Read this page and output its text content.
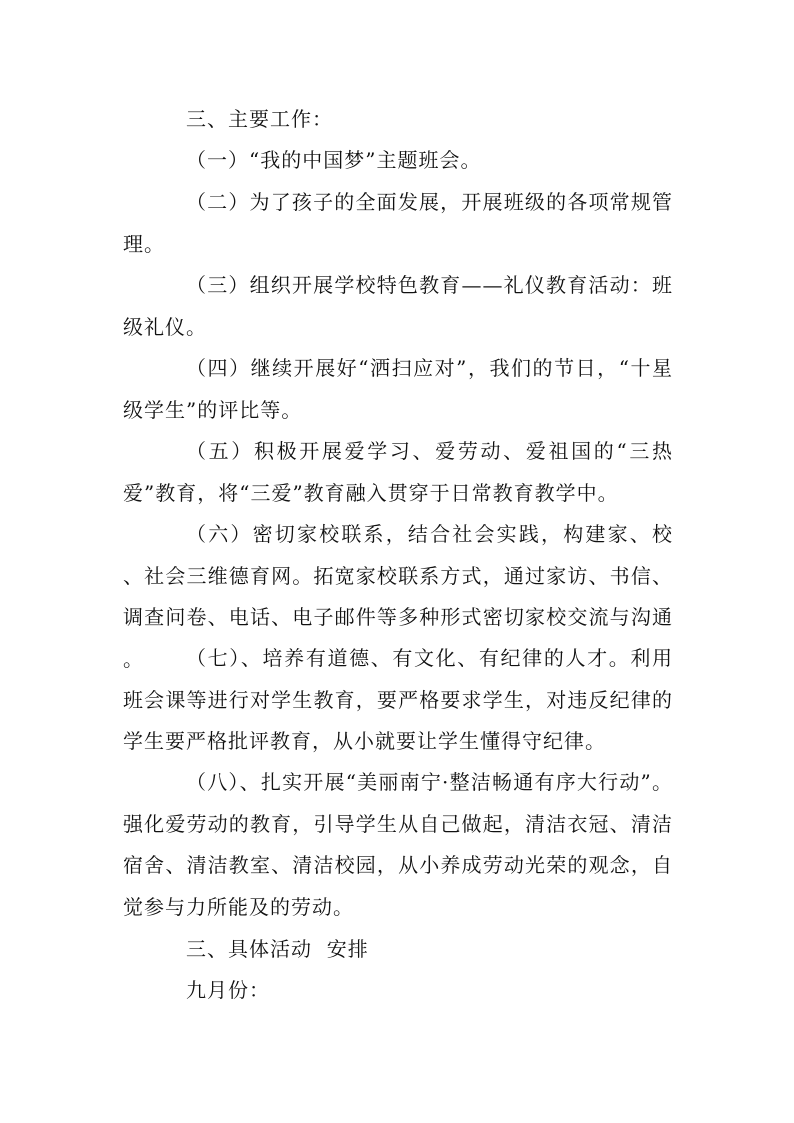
三、主要工作：

（一）“我的中国梦”主题班会。

（二）为了孩子的全面发展，开展班级的各项常规管理。

（三）组织开展学校特色教育——礼仪教育活动：班级礼仪。

（四）继续开展好“洒扫应对”，我们的节日，“十星级学生”的评比等。

（五）积极开展爱学习、爱劳动、爱祖国的“三热爱”教育，将“三爱”教育融入贯穿于日常教育教学中。

（六）密切家校联系，结合社会实践，构建家、校 、社会三维德育网。拓宽家校联系方式，通过家访、书信、调查问卷、电话、电子邮件等多种形式密切家校交流与沟通 。	（七）、培养有道德、有文化、有纪律的人才。利用班会课等进行对学生教育，要严格要求学生，对违反纪律的学生要严格批评教育，从小就要让学生懂得守纪律。

（八）、扎实开展“美丽南宁·整洁畅通有序大行动”。强化爱劳动的教育，引导学生从自己做起，清洁衣冠、清洁宿舍、清洁教室、清洁校园，从小养成劳动光荣的观念，自觉参与力所能及的劳动。

三、具体活动  安排

九月份：
